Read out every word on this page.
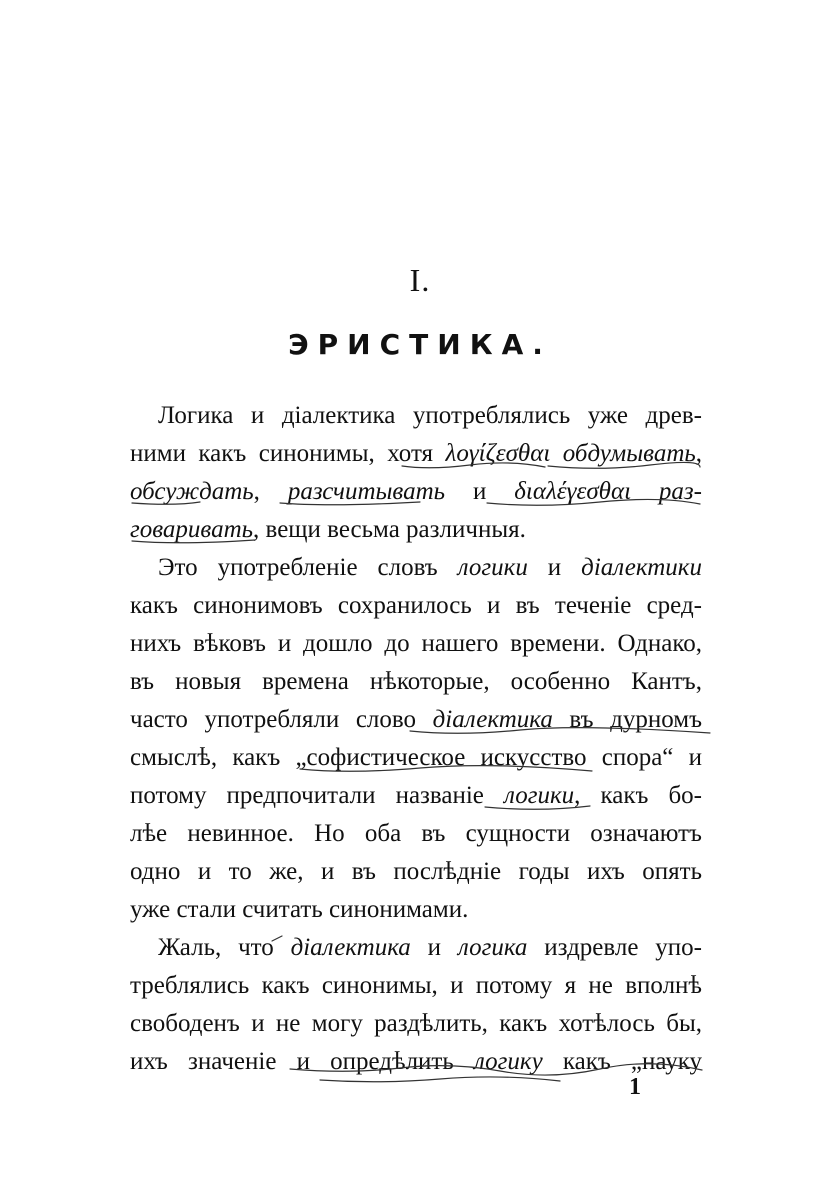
I.
ЭРИСТИКА.
Логика и діалектика употреблялись уже древ-
ними какъ синонимы, хотя λογίζεσθαι обдумывать,
обсуждать, разсчитывать и διαλέγεσθαι раз-
говаривать, вещи весьма различныя.
Это употребленіе словъ логики и діалектики
какъ синонимовъ сохранилось и въ теченіе сред-
нихъ вѣковъ и дошло до нашего времени. Однако,
въ новыя времена нѣкоторые, особенно Кантъ,
часто употребляли слово діалектика въ дурномъ
смыслѣ, какъ „софистическое искусство спора“ и
потому предпочитали названіе логики, какъ бо-
лѣе невинное. Но оба въ сущности означаютъ
одно и то же, и въ послѣдніе годы ихъ опять
уже стали считать синонимами.
Жаль, что діалектика и логика издревле упо-
треблялись какъ синонимы, и потому я не вполнѣ
свободенъ и не могу раздѣлить, какъ хотѣлось бы,
ихъ значеніе и опредѣлить логику какъ „науку
1
